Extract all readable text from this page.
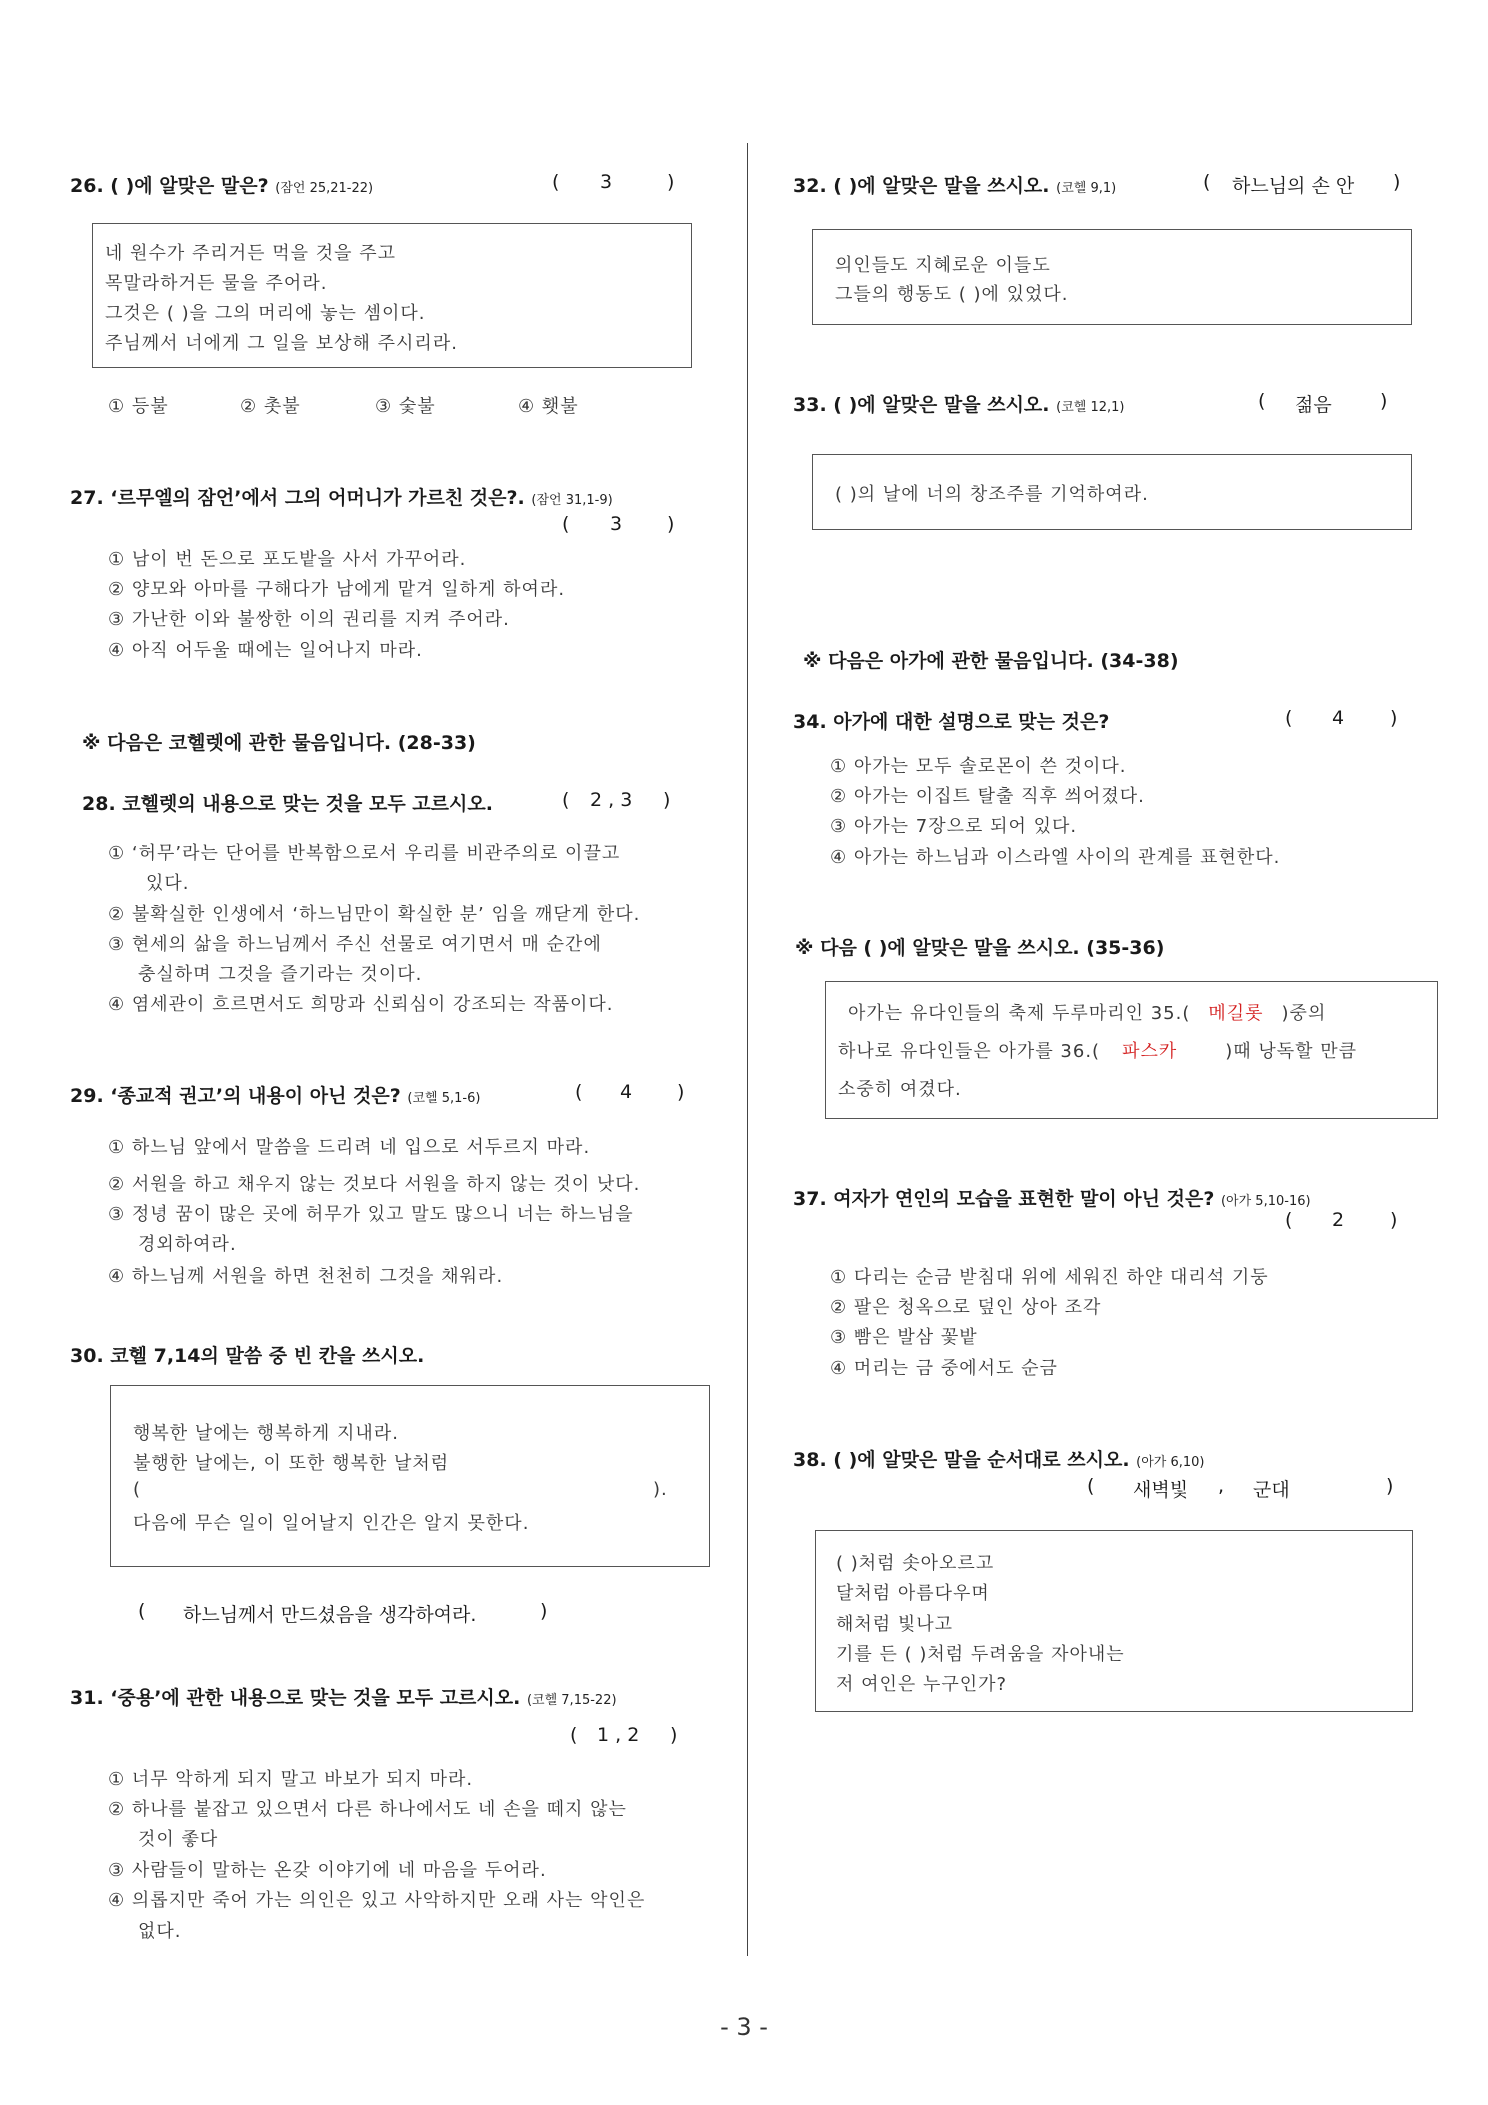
26. ( )에 알맞은 말은? (잠언 25,21-22)	( 3	)
네 원수가 주리거든 먹을 것을 주고
목말라하거든 물을 주어라.
그것은 ( )을 그의 머리에 놓는 셈이다.
주님께서 너에게 그 일을 보상해 주시리라.
① 등불	② 촛불	③ 숯불	④ 횃불
27. ‘르무엘의 잠언’에서 그의 어머니가 가르친 것은?. (잠언 31,1-9)
( 3 )
① 남이 번 돈으로 포도밭을 사서 가꾸어라.
② 양모와 아마를 구해다가 남에게 맡겨 일하게 하여라.
③ 가난한 이와 불쌍한 이의 권리를 지켜 주어라.
④ 아직 어두울 때에는 일어나지 마라.
※ 다음은 코헬렛에 관한 물음입니다. (28-33)
28. 코헬렛의 내용으로 맞는 것을 모두 고르시오.	( 2 , 3 )
① ‘허무’라는 단어를 반복함으로서 우리를 비관주의로 이끌고
있다.
② 불확실한 인생에서 ‘하느님만이 확실한 분’ 임을 깨닫게 한다.
③ 현세의 삶을 하느님께서 주신 선물로 여기면서 매 순간에
충실하며 그것을 즐기라는 것이다.
④ 염세관이 흐르면서도 희망과 신뢰심이 강조되는 작품이다.
29. ‘종교적 권고’의 내용이 아닌 것은? (코헬 5,1-6)	( 4 )
① 하느님 앞에서 말씀을 드리려 네 입으로 서두르지 마라.
② 서원을 하고 채우지 않는 것보다 서원을 하지 않는 것이 낫다.
③ 정녕 꿈이 많은 곳에 허무가 있고 말도 많으니 너는 하느님을
경외하여라.
④ 하느님께 서원을 하면 천천히 그것을 채워라.
30. 코헬 7,14의 말씀 중 빈 칸을 쓰시오.
행복한 날에는 행복하게 지내라.
불행한 날에는, 이 또한 행복한 날처럼
(	).
다음에 무슨 일이 일어날지 인간은 알지 못한다.
( 하느님께서 만드셨음을 생각하여라.	)
31. ‘중용’에 관한 내용으로 맞는 것을 모두 고르시오. (코헬 7,15-22)
( 1 , 2 )
① 너무 악하게 되지 말고 바보가 되지 마라.
② 하나를 붙잡고 있으면서 다른 하나에서도 네 손을 떼지 않는
것이 좋다
③ 사람들이 말하는 온갖 이야기에 네 마음을 두어라.
④ 의롭지만 죽어 가는 의인은 있고 사악하지만 오래 사는 악인은
없다.
32. ( )에 알맞은 말을 쓰시오. (코헬 9,1)	( 하느님의 손 안 )
의인들도 지혜로운 이들도
그들의 행동도 ( )에 있었다.
33. ( )에 알맞은 말을 쓰시오. (코헬 12,1)	( 젊음	)
( )의 날에 너의 창조주를 기억하여라.
※ 다음은 아가에 관한 물음입니다. (34-38)
34. 아가에 대한 설명으로 맞는 것은?	( 4 )
① 아가는 모두 솔로몬이 쓴 것이다.
② 아가는 이집트 탈출 직후 씌어졌다.
③ 아가는 7장으로 되어 있다.
④ 아가는 하느님과 이스라엘 사이의 관계를 표현한다.
※ 다음 ( )에 알맞은 말을 쓰시오. (35-36)
아가는 유다인들의 축제 두루마리인 35.( 메길롯 )중의
하나로 유다인들은 아가를 36.( 파스카	)때 낭독할 만큼
소중히 여겼다.
37. 여자가 연인의 모습을 표현한 말이 아닌 것은? (아가 5,10-16)
( 2 )
① 다리는 순금 받침대 위에 세워진 하얀 대리석 기둥
② 팔은 청옥으로 덮인 상아 조각
③ 빰은 발삼 꽃밭
④ 머리는 금 중에서도 순금
38. ( )에 알맞은 말을 순서대로 쓰시오. (아가 6,10)
( 새벽빛 , 군대	)
( )처럼 솟아오르고
달처럼 아름다우며
해처럼 빛나고
기를 든 ( )처럼 두려움을 자아내는
저 여인은 누구인가?
- 3 -
